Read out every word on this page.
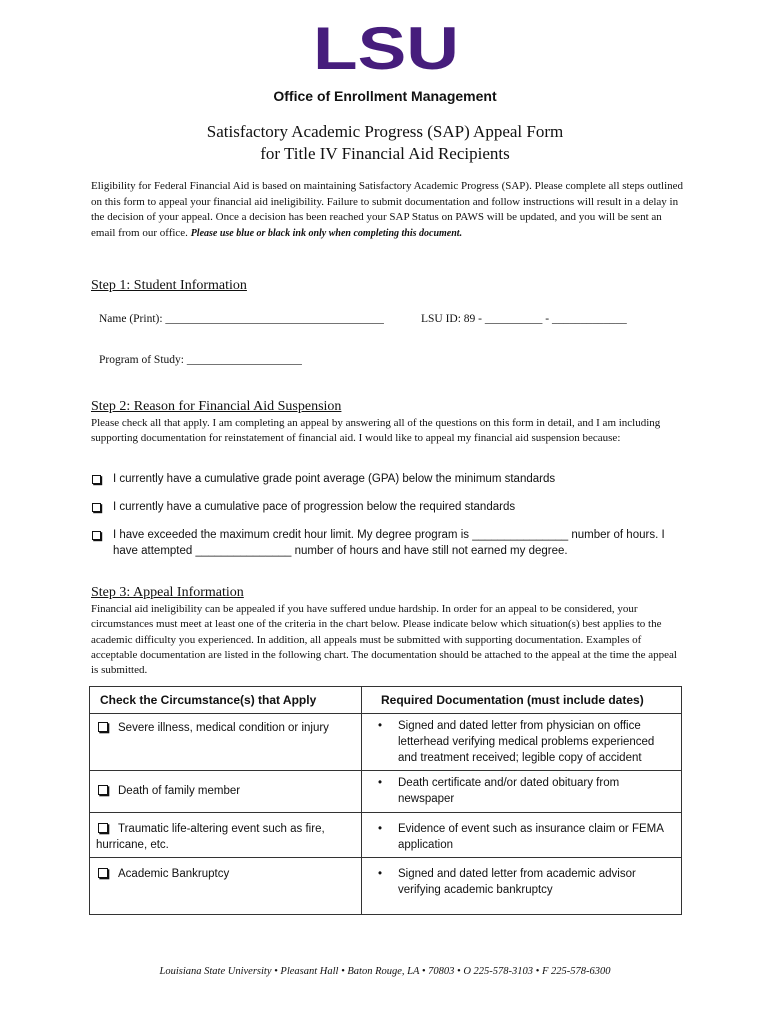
LSU
Office of Enrollment Management
Satisfactory Academic Progress (SAP) Appeal Form
for Title IV Financial Aid Recipients
Eligibility for Federal Financial Aid is based on maintaining Satisfactory Academic Progress (SAP). Please complete all steps outlined on this form to appeal your financial aid ineligibility. Failure to submit documentation and follow instructions will result in a delay in the decision of your appeal. Once a decision has been reached your SAP Status on PAWS will be updated, and you will be sent an email from our office. Please use blue or black ink only when completing this document.
Step 1: Student Information
Name (Print): ______________________________________	LSU ID: 89 - __________ - _____________
Program of Study: ____________________
Step 2: Reason for Financial Aid Suspension
Please check all that apply. I am completing an appeal by answering all of the questions on this form in detail, and I am including supporting documentation for reinstatement of financial aid. I would like to appeal my financial aid suspension because:
I currently have a cumulative grade point average (GPA) below the minimum standards
I currently have a cumulative pace of progression below the required standards
I have exceeded the maximum credit hour limit. My degree program is _______________ number of hours. I have attempted _______________ number of hours and have still not earned my degree.
Step 3: Appeal Information
Financial aid ineligibility can be appealed if you have suffered undue hardship. In order for an appeal to be considered, your circumstances must meet at least one of the criteria in the chart below. Please indicate below which situation(s) best applies to the academic difficulty you experienced. In addition, all appeals must be submitted with supporting documentation. Examples of acceptable documentation are listed in the following chart. The documentation should be attached to the appeal at the time the appeal is submitted.
Check the Circumstance(s) that Apply	Required Documentation (must include dates)
Severe illness, medical condition or injury	• Signed and dated letter from physician on office letterhead verifying medical problems experienced and treatment received; legible copy of accident
Death of family member	• Death certificate and/or dated obituary from newspaper
Traumatic life-altering event such as fire, hurricane, etc.	• Evidence of event such as insurance claim or FEMA application
Academic Bankruptcy	• Signed and dated letter from academic advisor verifying academic bankruptcy
Louisiana State University • Pleasant Hall • Baton Rouge, LA • 70803 • O 225-578-3103 • F 225-578-6300
